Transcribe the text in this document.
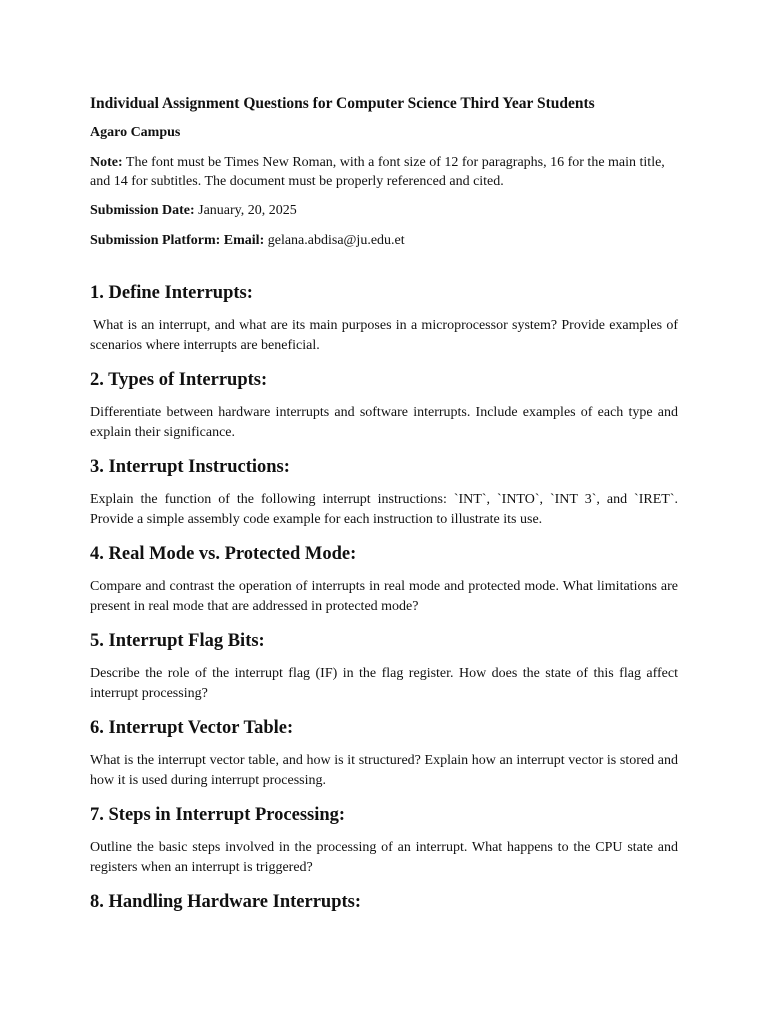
Individual Assignment Questions for Computer Science Third Year Students
Agaro Campus
Note: The font must be Times New Roman, with a font size of 12 for paragraphs, 16 for the main title, and 14 for subtitles. The document must be properly referenced and cited.
Submission Date: January, 20, 2025
Submission Platform: Email: gelana.abdisa@ju.edu.et
1. Define Interrupts:
What is an interrupt, and what are its main purposes in a microprocessor system? Provide examples of scenarios where interrupts are beneficial.
2. Types of Interrupts:
Differentiate between hardware interrupts and software interrupts. Include examples of each type and explain their significance.
3. Interrupt Instructions:
Explain the function of the following interrupt instructions: `INT`, `INTO`, `INT 3`, and `IRET`. Provide a simple assembly code example for each instruction to illustrate its use.
4. Real Mode vs. Protected Mode:
Compare and contrast the operation of interrupts in real mode and protected mode. What limitations are present in real mode that are addressed in protected mode?
5. Interrupt Flag Bits:
Describe the role of the interrupt flag (IF) in the flag register. How does the state of this flag affect interrupt processing?
6. Interrupt Vector Table:
What is the interrupt vector table, and how is it structured? Explain how an interrupt vector is stored and how it is used during interrupt processing.
7. Steps in Interrupt Processing:
Outline the basic steps involved in the processing of an interrupt. What happens to the CPU state and registers when an interrupt is triggered?
8. Handling Hardware Interrupts:
